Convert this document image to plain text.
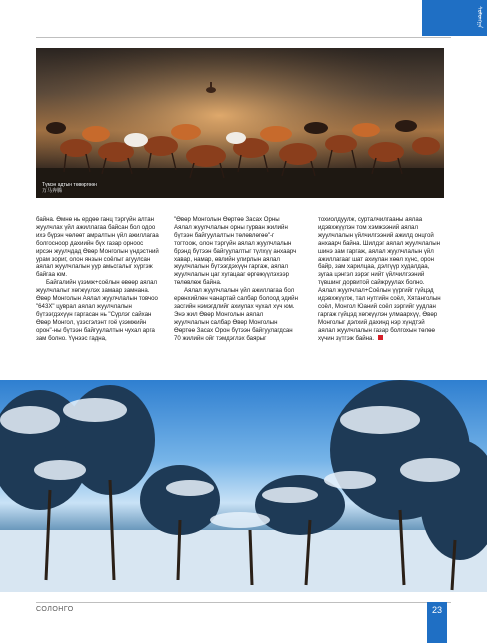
ᠰᠣᠯᠣᠩᠭ᠋ᠠ
Түмэн адтын төвөргөөн
万马奔腾

байна. Өмнө нь ердөө ганц тэргүйн алтан жуулчлах үйл ажиллагаа байсан бол одоо ихэ бүрэн чөлөөт амралтын үйл ажиллагаа болгосноор дахиийн бүх газар орноос ирсэн жуулчдад Өвөр Монголын үндэстний урам зориг, олон янзын соёлыг агуулсан аялал жуулчлалын уур амьсгалыг хүргэж байгаа юм.

Байгалийн үзэмж+соёлын өвөөр аялал жуулчлалыг хөгжүүлэх замаар замнана. Өвөр Монголын Аялал жуулчлалын товчоо "643Х" цуврал аялал жуулчлалын бүтээгдэхүүн гаргасан нь "Сүрлэг сайхан Өвөр Монгол, үзэсгэлэнт гоё үзэмжийн орон"-ны бүтээн байгуулалтын чухал арга зам болно. Үүнээс гадна,

"Өвөр Монголын Өөртөө Засах Орны Аялал жуулчлалын орны гурван жилийн бүтээн байгуулалтын төлөвлөгөө"-г тогтоож, олон тэргүйн аялал жуулчлалын брэнд бүтээн байгуулалтыг түлхүү анхаарч хавар, намар, өвлийн улирлын аялал жуулчлалын бүтээгдэхүүн гаргаж, аялал жуулчлалын цаг хугацааг өргөжүүлэхээр төлөвлөж байна.

Аялал жуулчлалын үйл ажиллагаа бол ерөнхийлөн чанартай салбар болоод эдийн засгийн нэмэгдлийг ахиулах чухал хүч юм. Энэ жил Өвөр Монголын аялал жуулчлалын салбар Өвөр Монголын Өөртөө Засах Орон бүтээн байгуулагдсан 70 жилийн ойг тэмдэглэх баярыг

тохиолдуулж, сурталчилгааны аялаа идэвхжүүлэн том хэмжээний аялал жуулчлалын үйлчилгээний ажилд онцгой анхаарч байна. Шилдэг аялал жуулчлалын шинэ зам гаргаж, аялал жуулчлалын үйл ажиллагааг шат ахиулан хөөл хүнс, орон байр, зам харилцаа, дэлгүүр худалдаа, зугаа цэнгэл зэрэг нийт үйлчилгээний түвшинг дорвитой сайжруулах болно. Аялал жуулчлал+Соёлын үүргийг гүйцэд идэвхжүүлж, тал нутгийн соёл, Хятанголын соёл, Монгол Юаний соёл зэргийг уудлан гаргаж гүйцэд хөгжүүлэн улмаархүү, Өвөр Монголыг дэлхий дахинд нэр хүндтэй аялал жуулчлалын газар болгохын төлөө хүчин зүтгэж байна.

СОЛОНГО	23
